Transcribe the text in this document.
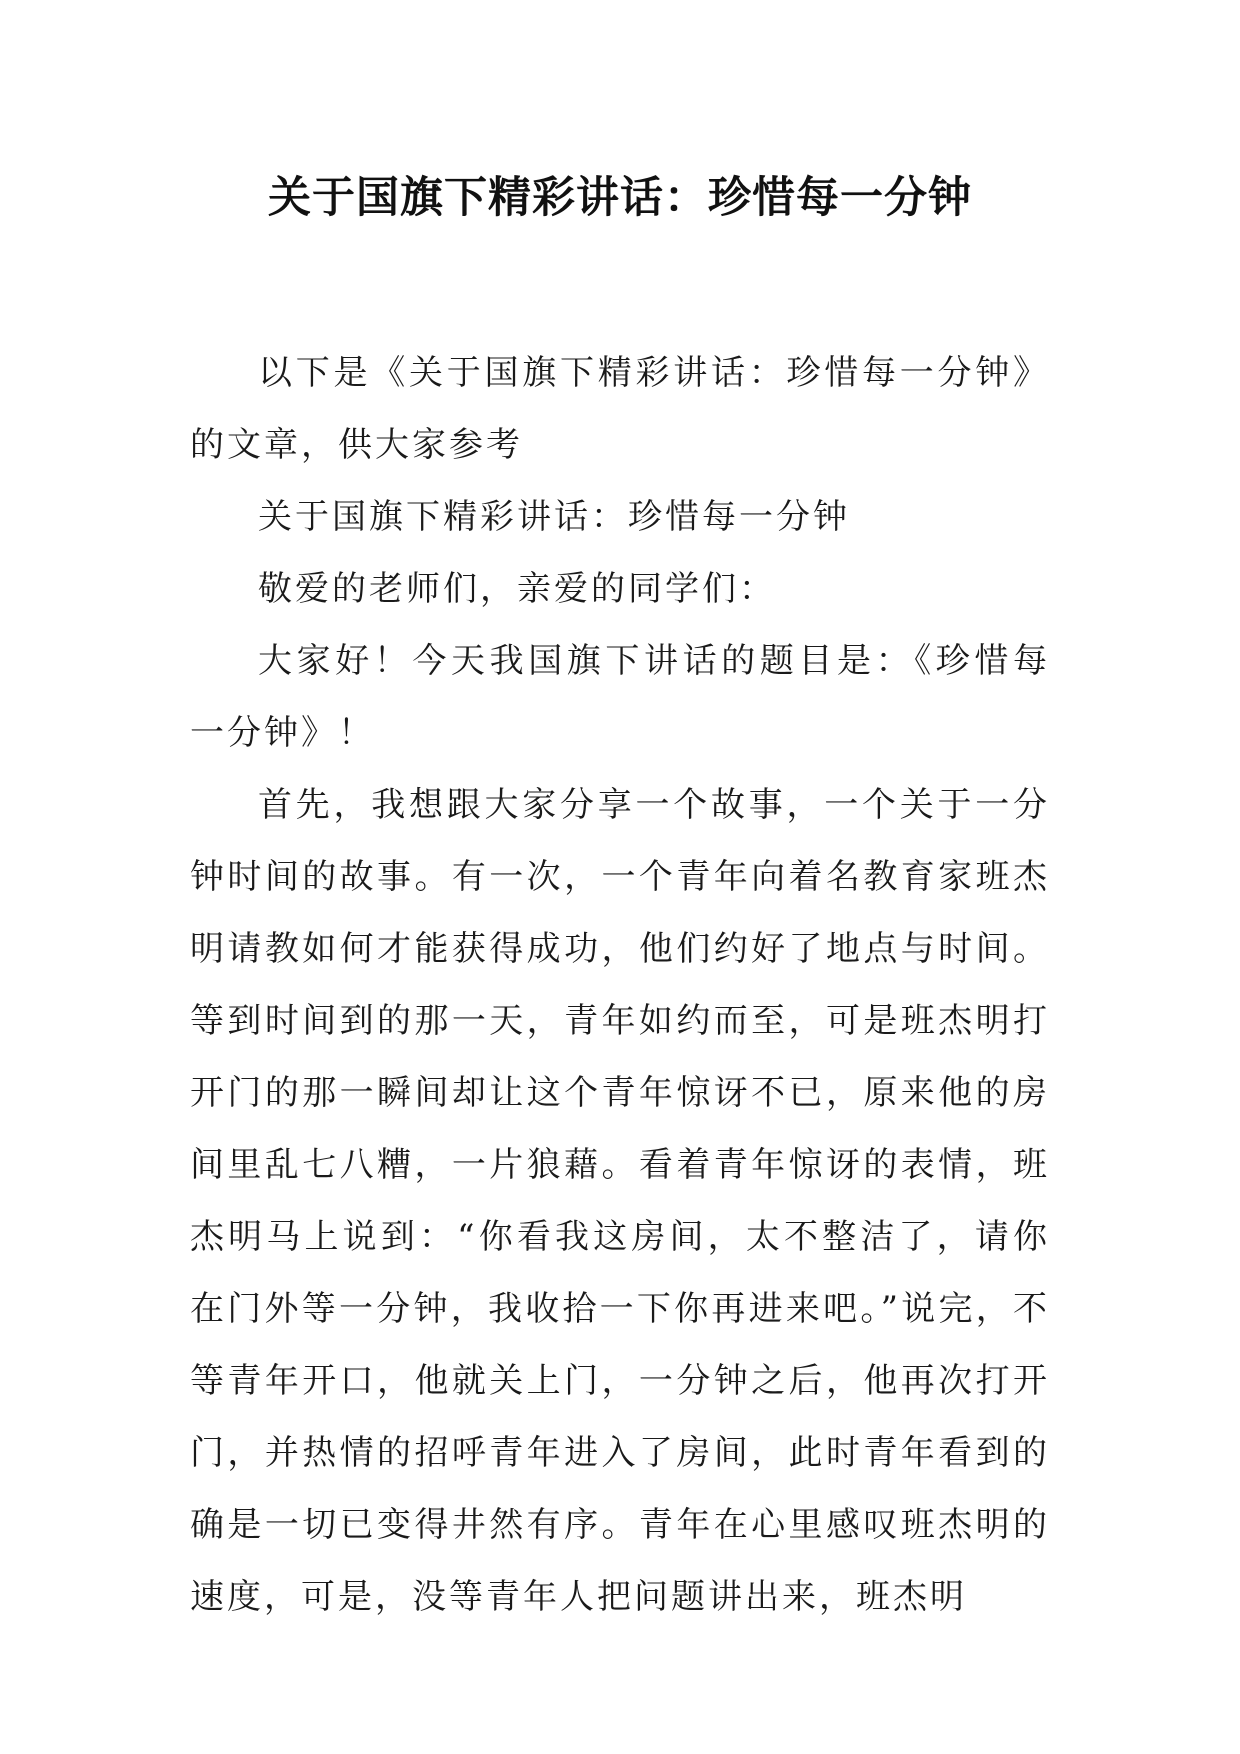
关于国旗下精彩讲话：珍惜每一分钟

以下是《关于国旗下精彩讲话：珍惜每一分钟》的文章，供大家参考

关于国旗下精彩讲话：珍惜每一分钟

敬爱的老师们，亲爱的同学们：

大家好！今天我国旗下讲话的题目是：《珍惜每一分钟》！

首先，我想跟大家分享一个故事，一个关于一分钟时间的故事。有一次，一个青年向着名教育家班杰明请教如何才能获得成功，他们约好了地点与时间。等到时间到的那一天，青年如约而至，可是班杰明打开门的那一瞬间却让这个青年惊讶不已，原来他的房间里乱七八糟，一片狼藉。看着青年惊讶的表情，班杰明马上说到：“你看我这房间，太不整洁了，请你在门外等一分钟，我收拾一下你再进来吧。”说完，不等青年开口，他就关上门，一分钟之后，他再次打开门，并热情的招呼青年进入了房间，此时青年看到的确是一切已变得井然有序。青年在心里感叹班杰明的速度，可是，没等青年人把问题讲出来，班杰明
